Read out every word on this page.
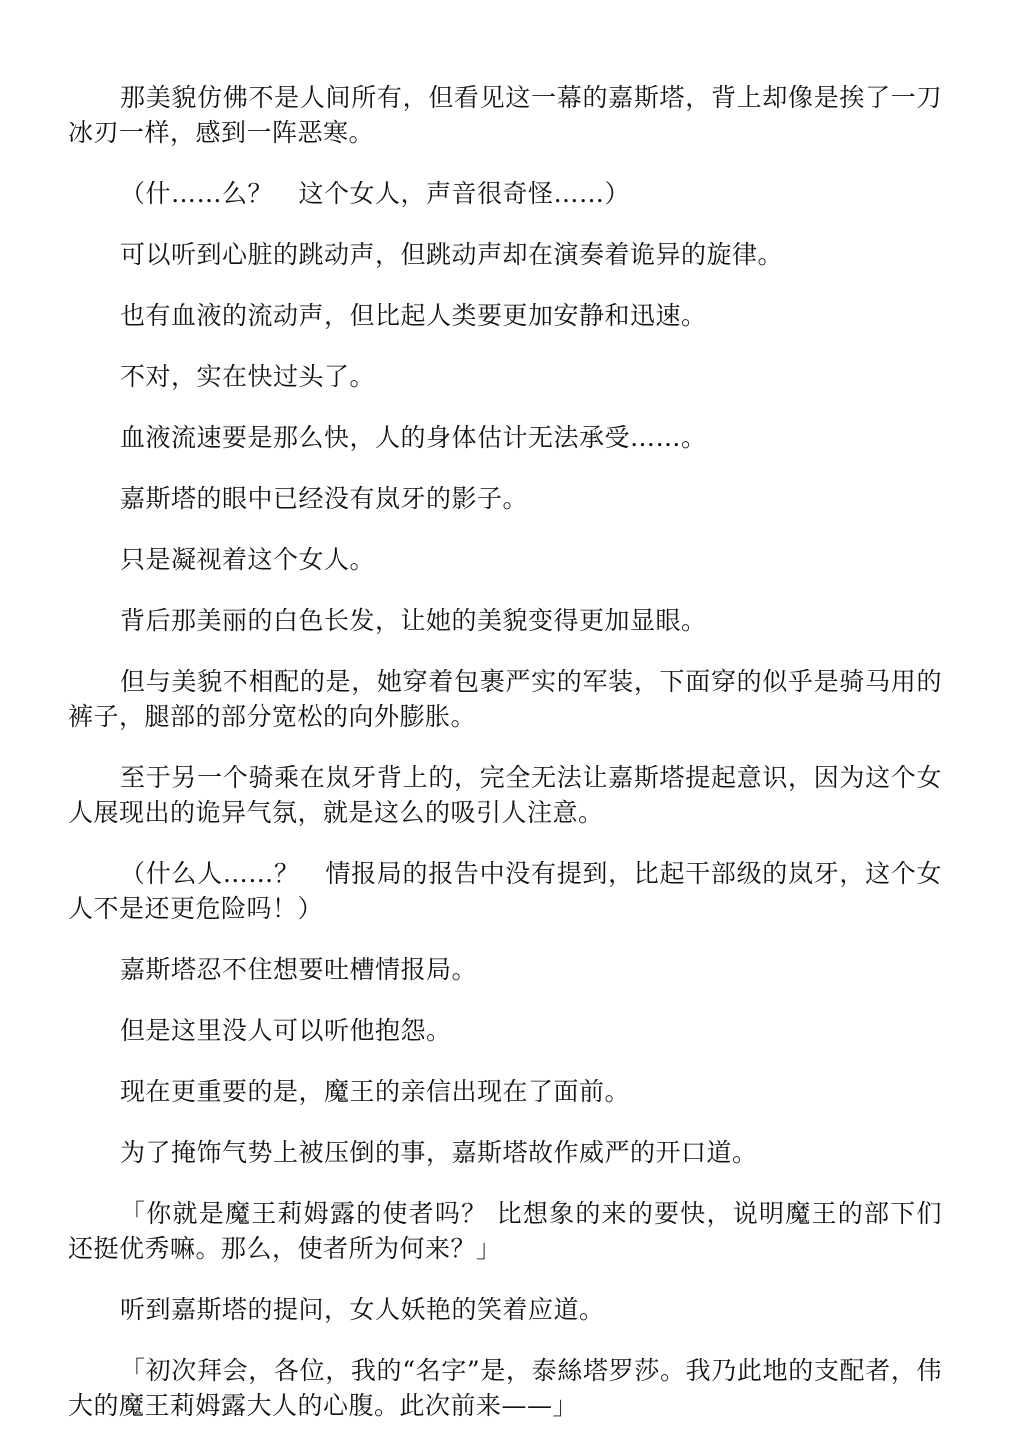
那美貌仿佛不是人间所有，但看见这一幕的嘉斯塔，背上却像是挨了一刀冰刃一样，感到一阵恶寒。

（什……么？　这个女人，声音很奇怪……）

可以听到心脏的跳动声，但跳动声却在演奏着诡异的旋律。

也有血液的流动声，但比起人类要更加安静和迅速。

不对，实在快过头了。

血液流速要是那么快，人的身体估计无法承受……。

嘉斯塔的眼中已经没有岚牙的影子。

只是凝视着这个女人。

背后那美丽的白色长发，让她的美貌变得更加显眼。

但与美貌不相配的是，她穿着包裹严实的军装，下面穿的似乎是骑马用的裤子，腿部的部分宽松的向外膨胀。

至于另一个骑乘在岚牙背上的，完全无法让嘉斯塔提起意识，因为这个女人展现出的诡异气氛，就是这么的吸引人注意。

（什么人……？　情报局的报告中没有提到，比起干部级的岚牙，这个女人不是还更危险吗！）

嘉斯塔忍不住想要吐槽情报局。

但是这里没人可以听他抱怨。

现在更重要的是，魔王的亲信出现在了面前。

为了掩饰气势上被压倒的事，嘉斯塔故作威严的开口道。

「你就是魔王莉姆露的使者吗？ 比想象的来的要快，说明魔王的部下们还挺优秀嘛。那么，使者所为何来？」

听到嘉斯塔的提问，女人妖艳的笑着应道。

「初次拜会，各位，我的“名字”是，泰絲塔罗莎。我乃此地的支配者，伟大的魔王莉姆露大人的心腹。此次前来——」
